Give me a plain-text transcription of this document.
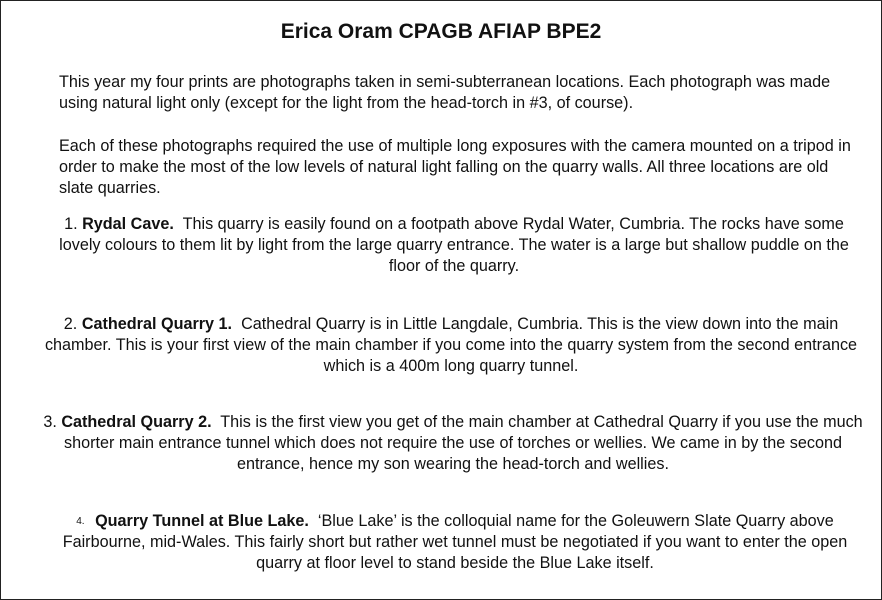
Erica Oram CPAGB AFIAP BPE2

This year my four prints are photographs taken in semi-subterranean locations. Each photograph was made using natural light only (except for the light from the head-torch in #3, of course).

Each of these photographs required the use of multiple long exposures with the camera mounted on a tripod in order to make the most of the low levels of natural light falling on the quarry walls. All three locations are old slate quarries.

1. Rydal Cave. This quarry is easily found on a footpath above Rydal Water, Cumbria. The rocks have some lovely colours to them lit by light from the large quarry entrance. The water is a large but shallow puddle on the floor of the quarry.

2. Cathedral Quarry 1. Cathedral Quarry is in Little Langdale, Cumbria. This is the view down into the main chamber. This is your first view of the main chamber if you come into the quarry system from the second entrance which is a 400m long quarry tunnel.

3. Cathedral Quarry 2. This is the first view you get of the main chamber at Cathedral Quarry if you use the much shorter main entrance tunnel which does not require the use of torches or wellies. We came in by the second entrance, hence my son wearing the head-torch and wellies.

4. Quarry Tunnel at Blue Lake. ‘Blue Lake’ is the colloquial name for the Goleuwern Slate Quarry above Fairbourne, mid-Wales. This fairly short but rather wet tunnel must be negotiated if you want to enter the open quarry at floor level to stand beside the Blue Lake itself.
